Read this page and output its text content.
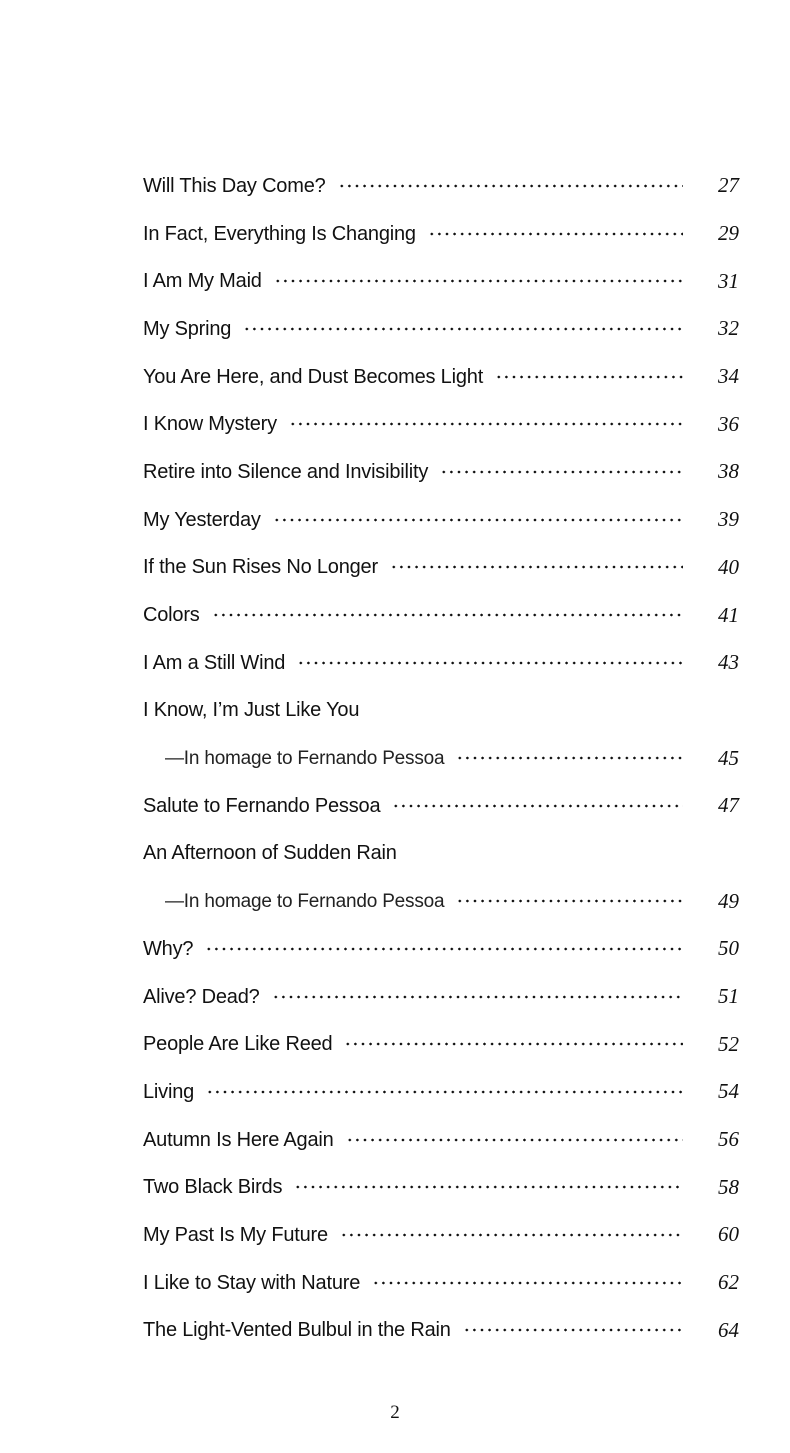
Will This Day Come?	27
In Fact, Everything Is Changing	29
I Am My Maid	31
My Spring	32
You Are Here, and Dust Becomes Light	34
I Know Mystery	36
Retire into Silence and Invisibility	38
My Yesterday	39
If the Sun Rises No Longer	40
Colors	41
I Am a Still Wind	43
I Know, I’m Just Like You
—In homage to Fernando Pessoa	45
Salute to Fernando Pessoa	47
An Afternoon of Sudden Rain
—In homage to Fernando Pessoa	49
Why?	50
Alive? Dead?	51
People Are Like Reed	52
Living	54
Autumn Is Here Again	56
Two Black Birds	58
My Past Is My Future	60
I Like to Stay with Nature	62
The Light-Vented Bulbul in the Rain	64
2
